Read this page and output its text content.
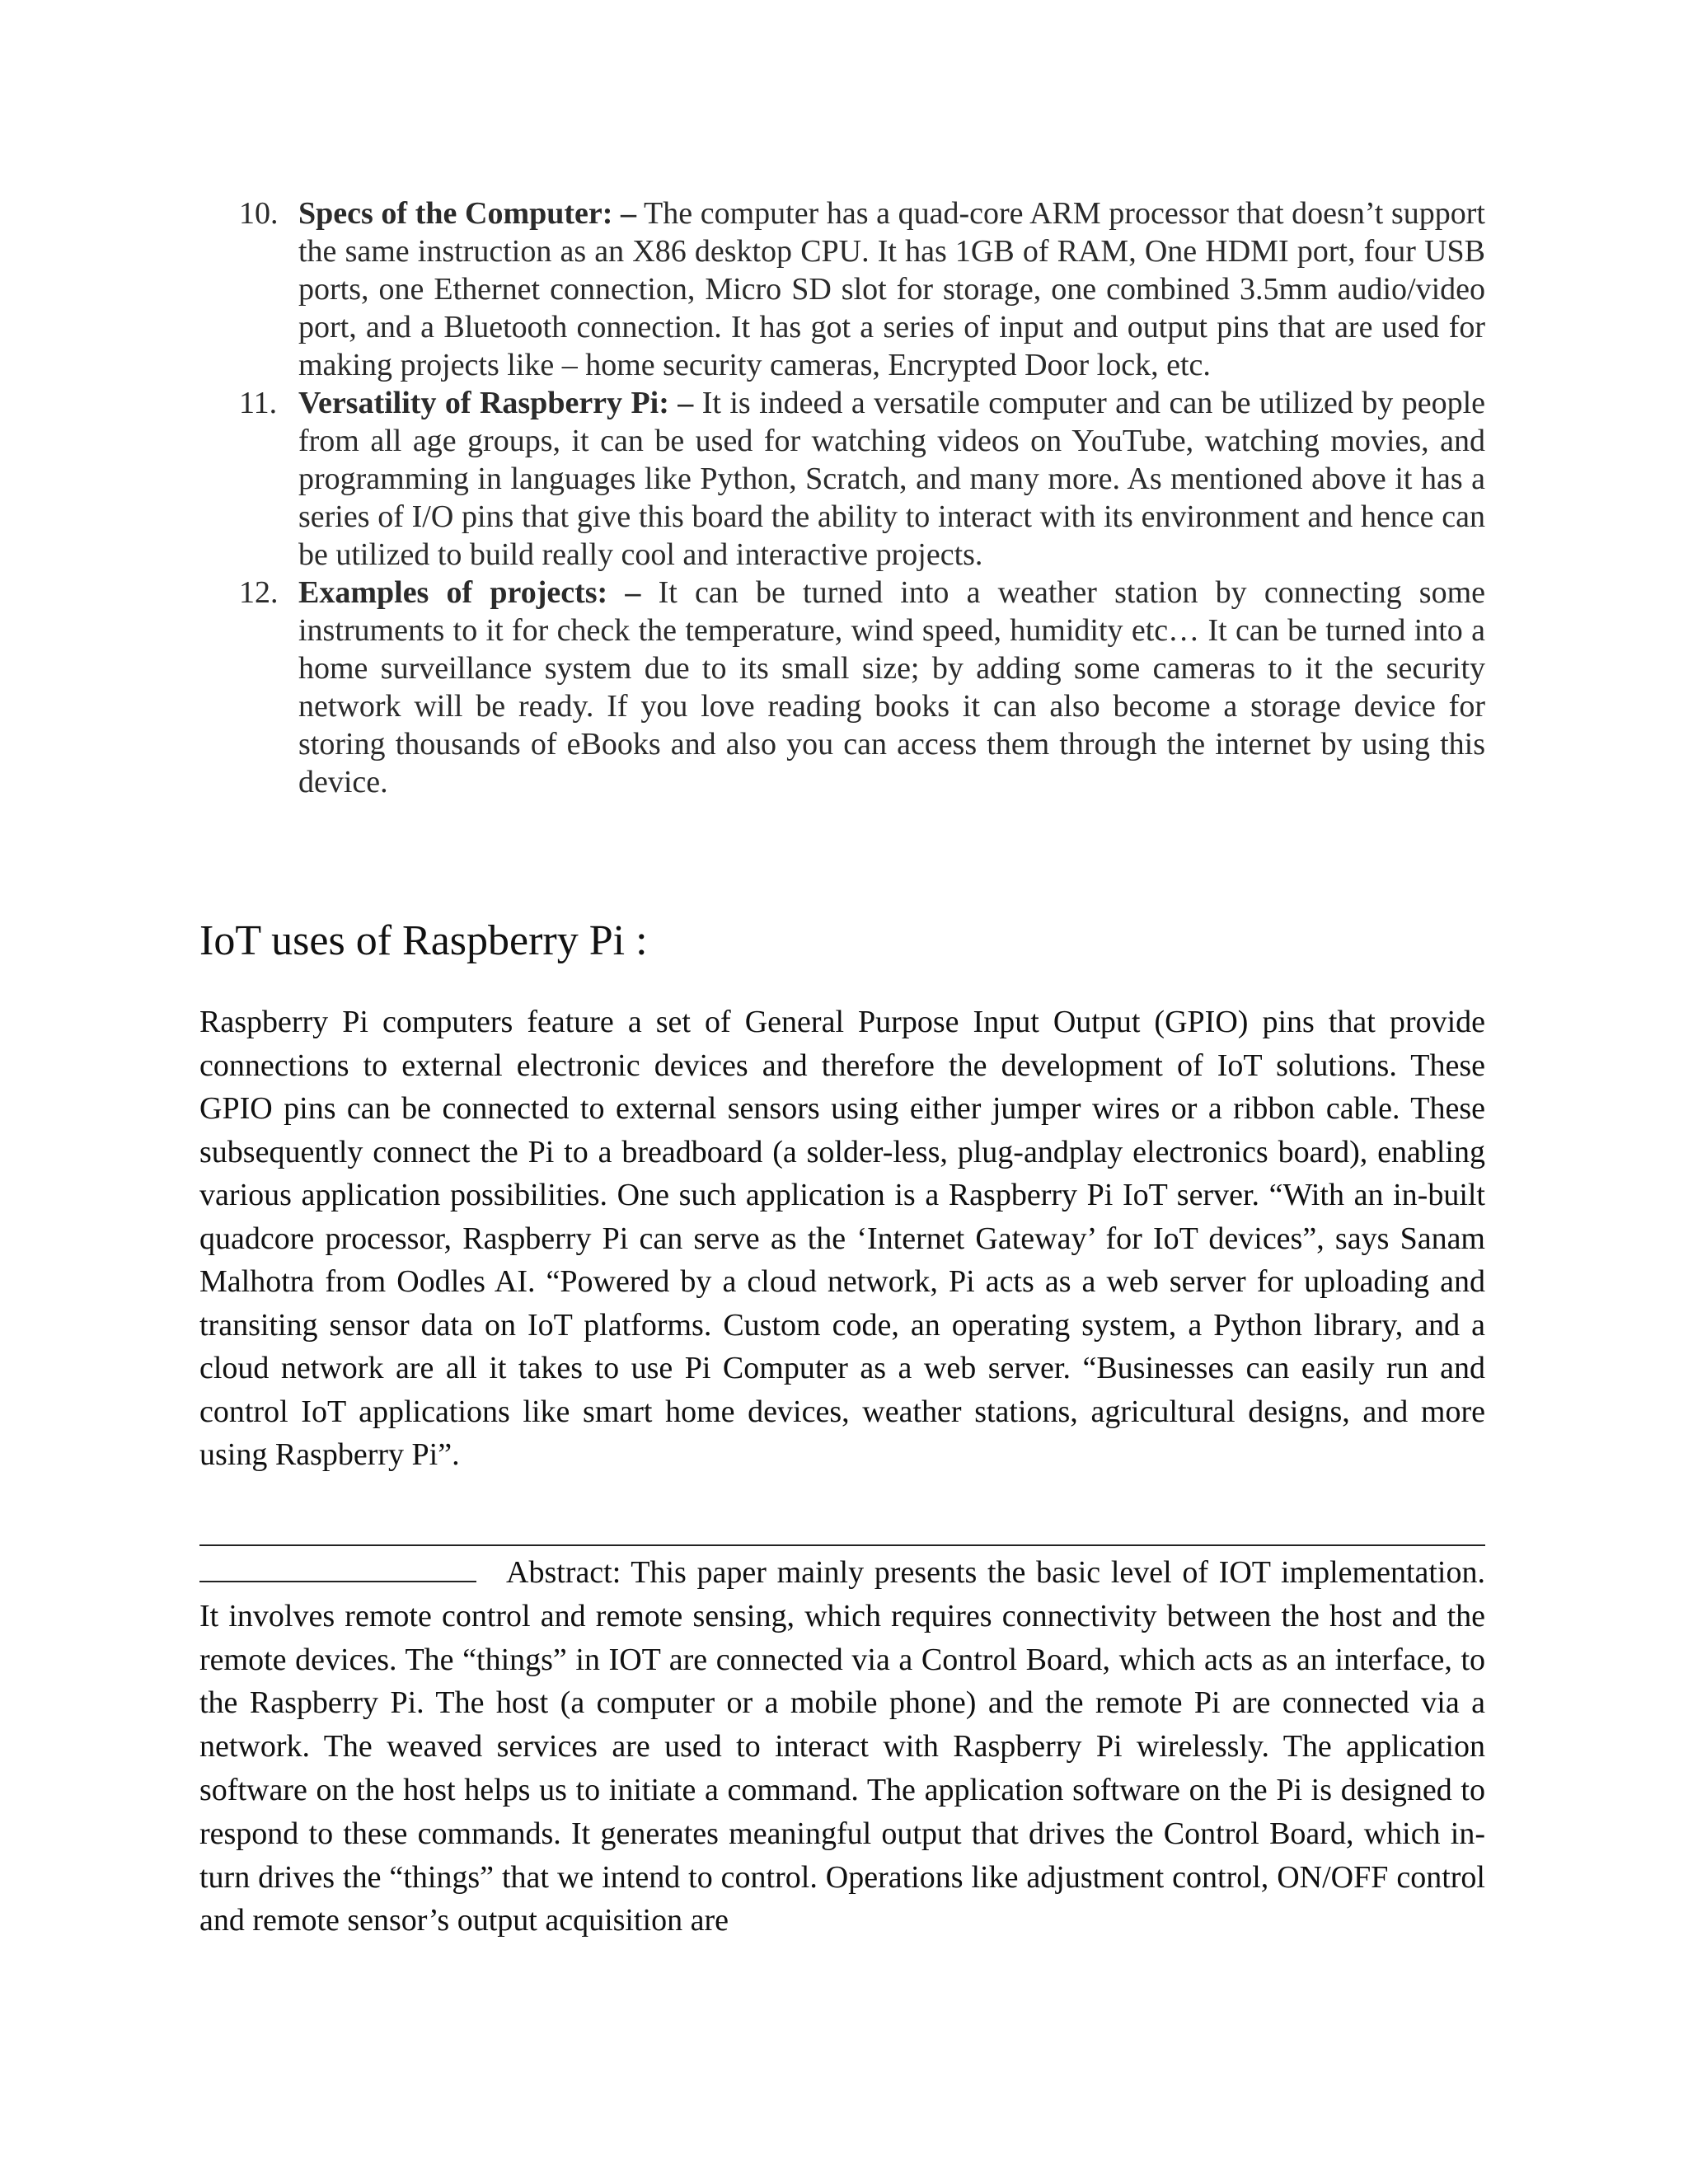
10. Specs of the Computer: – The computer has a quad-core ARM processor that doesn’t support the same instruction as an X86 desktop CPU. It has 1GB of RAM, One HDMI port, four USB ports, one Ethernet connection, Micro SD slot for storage, one combined 3.5mm audio/video port, and a Bluetooth connection. It has got a series of input and output pins that are used for making projects like – home security cameras, Encrypted Door lock, etc.
11. Versatility of Raspberry Pi: – It is indeed a versatile computer and can be utilized by people from all age groups, it can be used for watching videos on YouTube, watching movies, and programming in languages like Python, Scratch, and many more. As mentioned above it has a series of I/O pins that give this board the ability to interact with its environment and hence can be utilized to build really cool and interactive projects.
12. Examples of projects: – It can be turned into a weather station by connecting some instruments to it for check the temperature, wind speed, humidity etc… It can be turned into a home surveillance system due to its small size; by adding some cameras to it the security network will be ready. If you love reading books it can also become a storage device for storing thousands of eBooks and also you can access them through the internet by using this device.
IoT uses of Raspberry Pi :

Raspberry Pi computers feature a set of General Purpose Input Output (GPIO) pins that provide connections to external electronic devices and therefore the development of IoT solutions. These GPIO pins can be connected to external sensors using either jumper wires or a ribbon cable. These subsequently connect the Pi to a breadboard (a solder-less, plug-andplay electronics board), enabling various application possibilities. One such application is a Raspberry Pi IoT server. “With an in-built quadcore processor, Raspberry Pi can serve as the ‘Internet Gateway’ for IoT devices”, says Sanam Malhotra from Oodles AI. “Powered by a cloud network, Pi acts as a web server for uploading and transiting sensor data on IoT platforms. Custom code, an operating system, a Python library, and a cloud network are all it takes to use Pi Computer as a web server. “Businesses can easily run and control IoT applications like smart home devices, weather stations, agricultural designs, and more using Raspberry Pi”.

Abstract: This paper mainly presents the basic level of IOT implementation. It involves remote control and remote sensing, which requires connectivity between the host and the remote devices. The “things” in IOT are connected via a Control Board, which acts as an interface, to the Raspberry Pi. The host (a computer or a mobile phone) and the remote Pi are connected via a network. The weaved services are used to interact with Raspberry Pi wirelessly. The application software on the host helps us to initiate a command. The application software on the Pi is designed to respond to these commands. It generates meaningful output that drives the Control Board, which in-turn drives the “things” that we intend to control. Operations like adjustment control, ON/OFF control and remote sensor’s output acquisition are
